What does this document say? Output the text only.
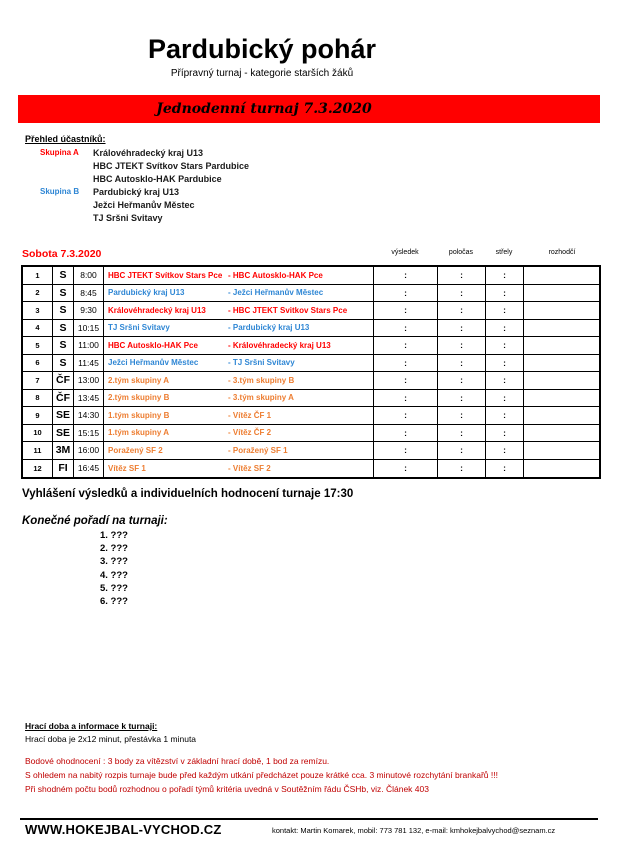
Pardubický pohár
Přípravný turnaj - kategorie starších žáků
Jednodenní turnaj 7.3.2020
Přehled účastníků:
Skupina A	Královéhradecký kraj U13
HBC JTEKT Svítkov Stars Pardubice
HBC Autosklo-HAK Pardubice
Skupina B	Pardubický kraj U13
Ježci Heřmanův Městec
TJ Sršni Svitavy
Sobota 7.3.2020	výsledek	poločas	střely	rozhodčí
1	S	8:00	HBC JTEKT Svítkov Stars Pce - HBC Autosklo-HAK Pce	:	:	:
2	S	8:45	Pardubický kraj U13	- Ježci Heřmanův Městec	:	:	:
3	S	9:30	Královéhradecký kraj U13	- HBC JTEKT Svitkov Stars Pce	:	:	:
4	S	10:15	TJ Sršni Svitavy	- Pardubický kraj U13	:	:	:
5	S	11:00	HBC Autosklo-HAK Pce	- Královéhradecký kraj U13	:	:	:
6	S	11:45	Ježci Heřmanův Městec	- TJ Sršni Svitavy	:	:	:
7	ČF 13:00	2.tým skupiny A	- 3.tým skupiny B	:	:	:
8	ČF 13:45	2.tým skupiny B	- 3.tým skupiny A	:	:	:
9	SE 14:30	1.tým skupiny B	- Vítěz ČF 1	:	:	:
10	SE 15:15	1.tým skupiny A	- Vítěz ČF 2	:	:	:
11	3M 16:00	Poražený SF 2	- Poražený SF 1	:	:	:
12	FI	16:45	Vítěz SF 1	- Vítěz SF 2	:	:	:
Vyhlášení výsledků a individuelních hodnocení turnaje 17:30
Konečné pořadí na turnaji:
1. ???
2. ???
3. ???
4. ???
5. ???
6. ???
Hrací doba a informace k turnaji:
Hrací doba je 2x12 minut, přestávka 1 minuta
Bodové ohodnocení : 3 body za vítězství v základní hrací době, 1 bod za remízu.
S ohledem na nabitý rozpis turnaje bude před každým utkání předcházet pouze krátké cca. 3 minutové rozchytání brankařů !!!
Při shodném počtu bodů rozhodnou o pořadí týmů kritéria uvedná v Soutěžním řádu ČSHb, viz. Článek 403
WWW.HOKEJBAL-VYCHOD.CZ	kontakt: Martin Komarek, mobil: 773 781 132, e-mail: kmhokejbalvychod@seznam.cz
